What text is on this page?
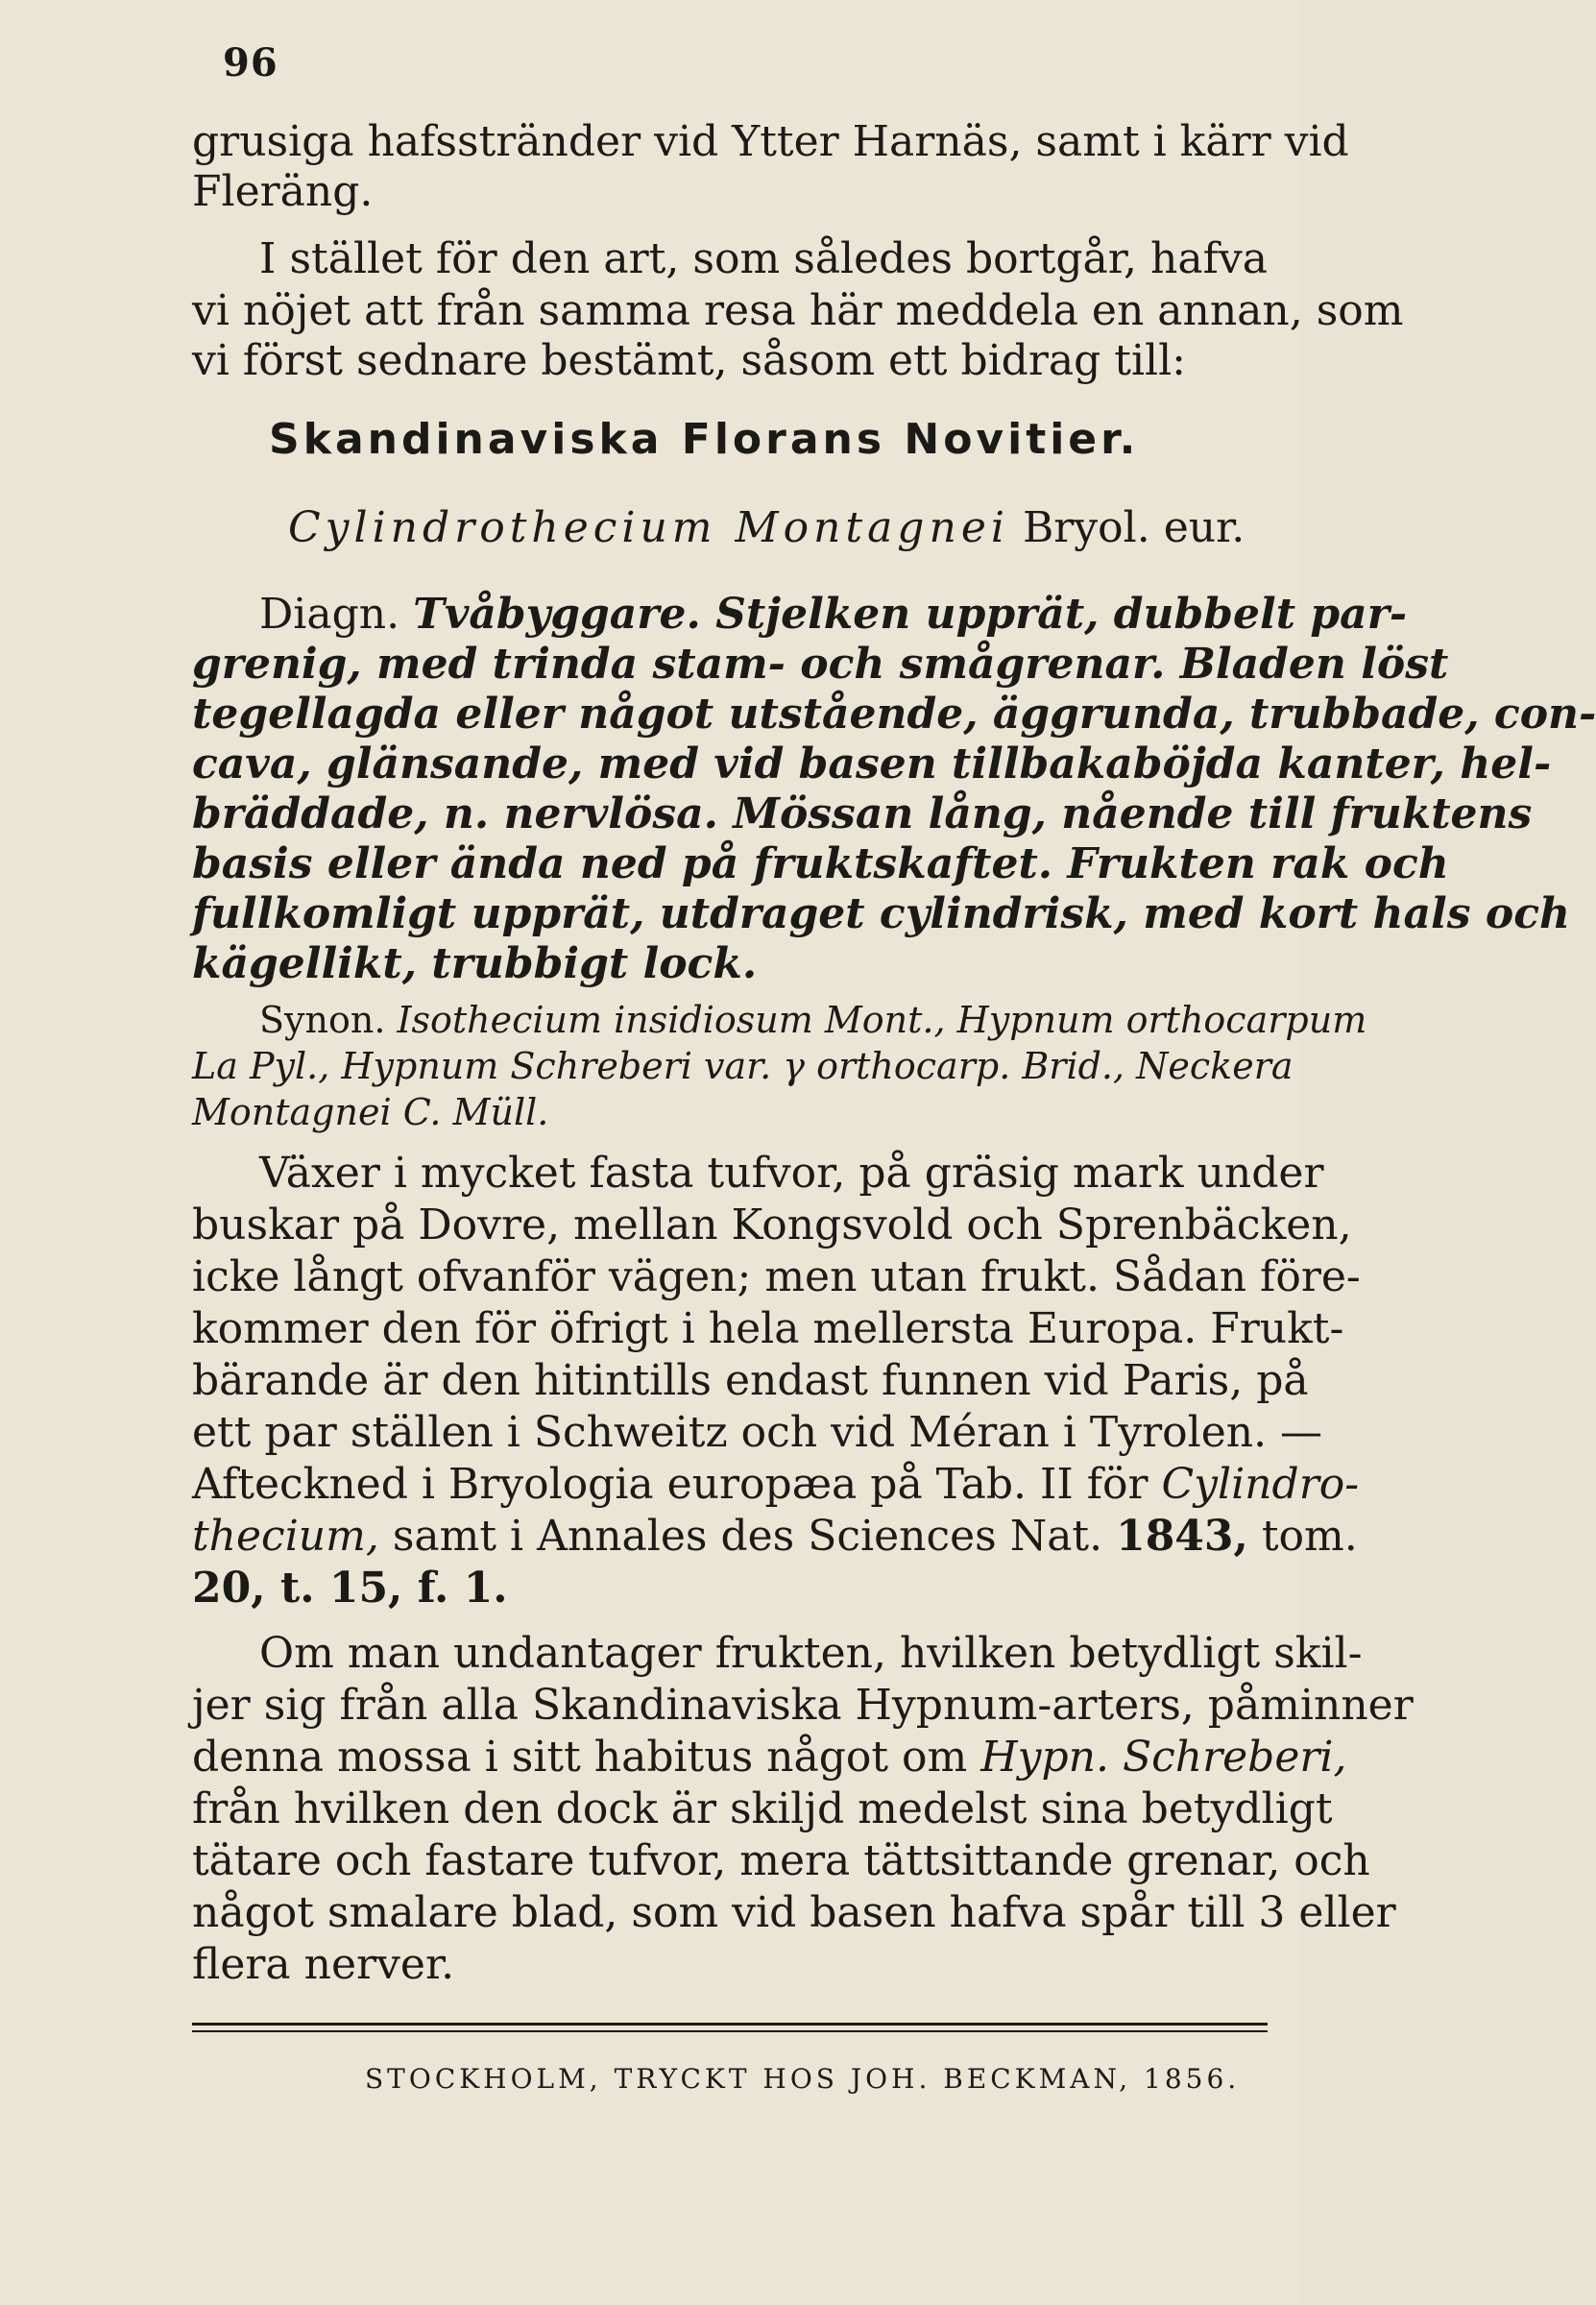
96
grusiga hafsstränder vid Ytter Harnäs, samt i kärr vid
Fleräng.
I stället för den art, som således bortgår, hafva
vi nöjet att från samma resa här meddela en annan, som
vi först sednare bestämt, såsom ett bidrag till:
Skandinaviska Florans Novitier.
Cylindrothecium Montagnei Bryol. eur.
Diagn. Tvåbyggare. Stjelken upprät, dubbelt par-
grenig, med trinda stam- och smågrenar. Bladen löst
tegellagda eller något utstående, äggrunda, trubbade, con-
cava, glänsande, med vid basen tillbakaböjda kanter, hel-
bräddade, n. nervlösa. Mössan lång, nående till fruktens
basis eller ända ned på fruktskaftet. Frukten rak och
fullkomligt upprät, utdraget cylindrisk, med kort hals och
kägellikt, trubbigt lock.
Synon. Isothecium insidiosum Mont., Hypnum orthocarpum
La Pyl., Hypnum Schreberi var. γ orthocarp. Brid., Neckera
Montagnei C. Müll.
Växer i mycket fasta tufvor, på gräsig mark under
buskar på Dovre, mellan Kongsvold och Sprenbäcken,
icke långt ofvanför vägen; men utan frukt. Sådan före-
kommer den för öfrigt i hela mellersta Europa. Frukt-
bärande är den hitintills endast funnen vid Paris, på
ett par ställen i Schweitz och vid Méran i Tyrolen. —
Afteckned i Bryologia europæa på Tab. II för Cylindro-
thecium, samt i Annales des Sciences Nat. 1843, tom.
20, t. 15, f. 1.
Om man undantager frukten, hvilken betydligt skil-
jer sig från alla Skandinaviska Hypnum-arters, påminner
denna mossa i sitt habitus något om Hypn. Schreberi,
från hvilken den dock är skiljd medelst sina betydligt
tätare och fastare tufvor, mera tättsittande grenar, och
något smalare blad, som vid basen hafva spår till 3 eller
flera nerver.
STOCKHOLM, TRYCKT HOS JOH. BECKMAN, 1856.
